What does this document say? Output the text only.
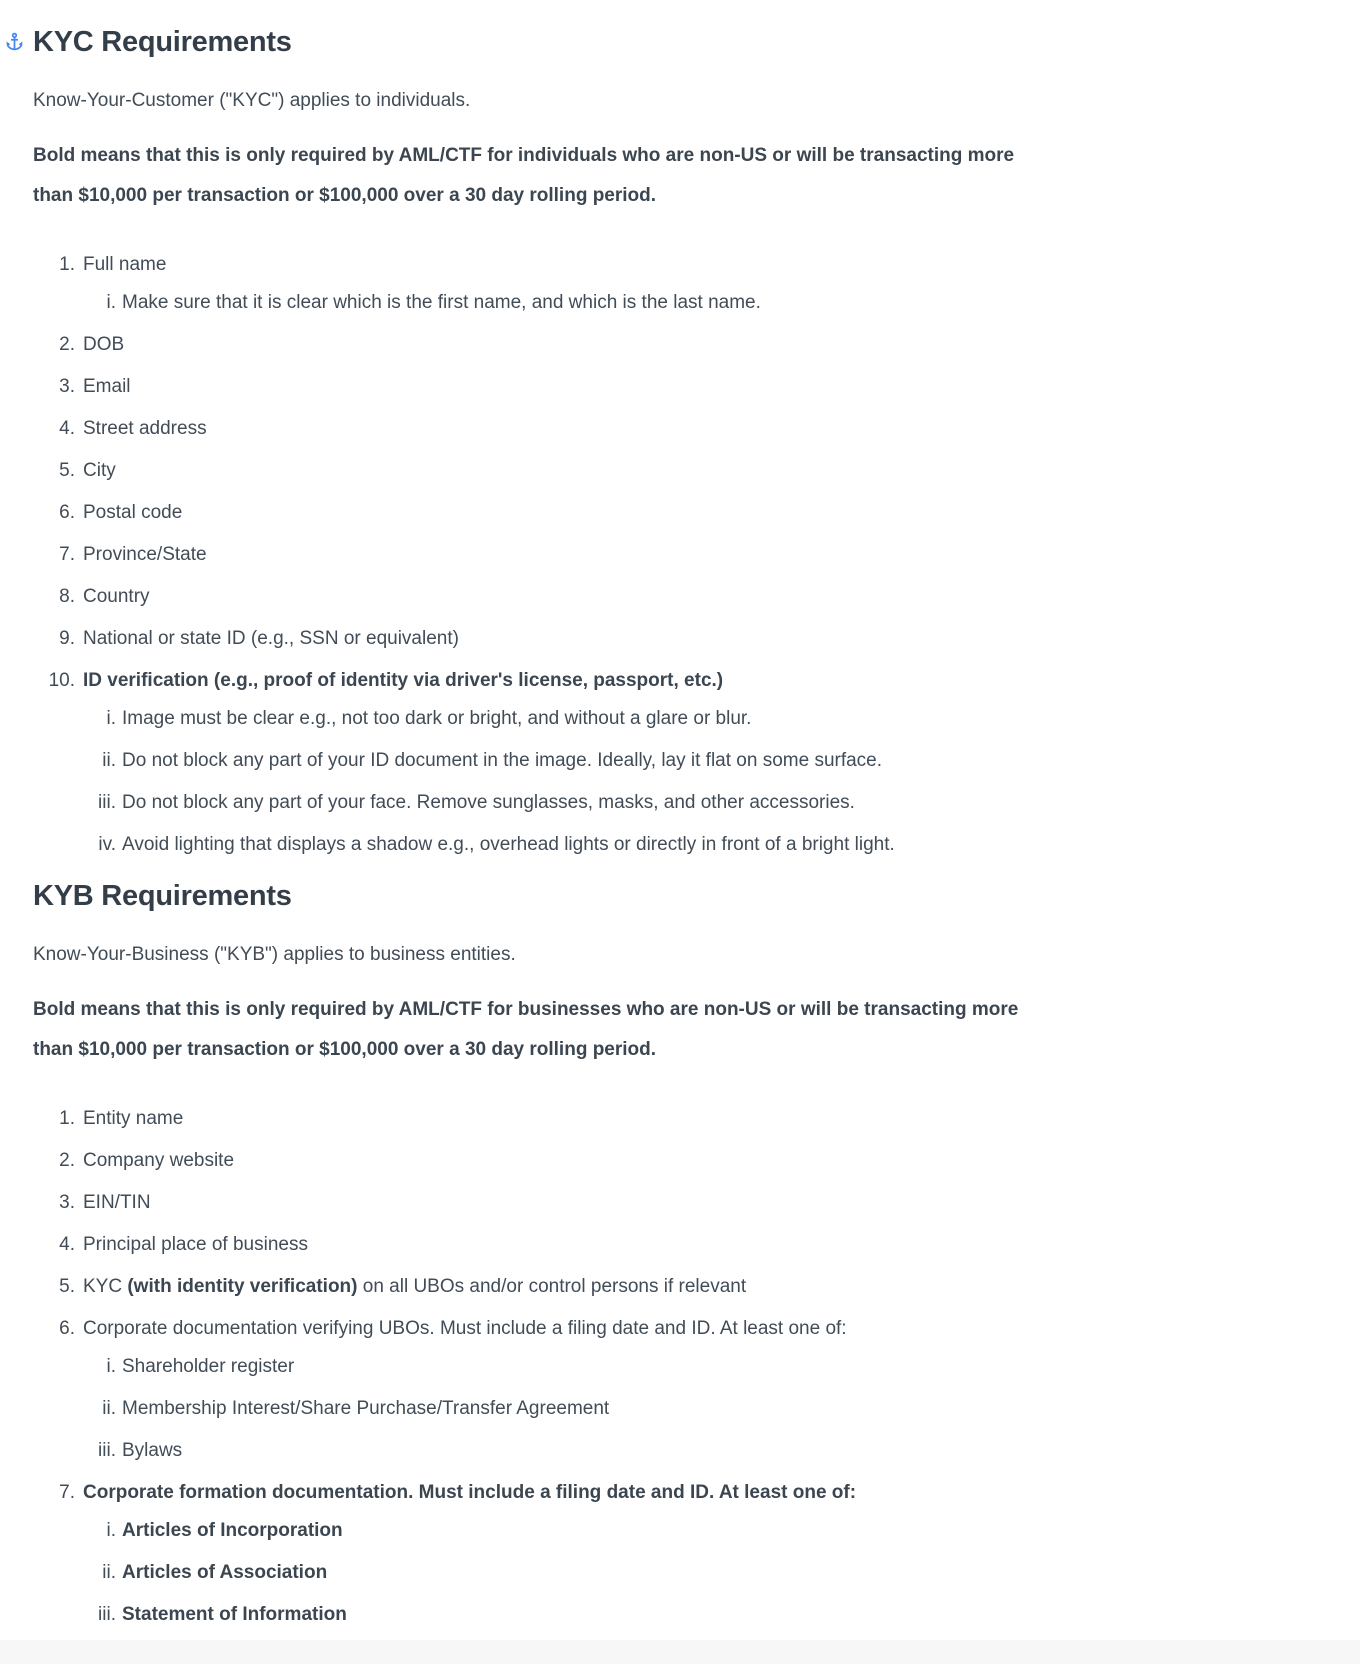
KYC Requirements

Know-Your-Customer ("KYC") applies to individuals.

Bold means that this is only required by AML/CTF for individuals who are non-US or will be transacting more
than $10,000 per transaction or $100,000 over a 30 day rolling period.
1. Full name
i. Make sure that it is clear which is the first name, and which is the last name.
2. DOB
3. Email
4. Street address
5. City
6. Postal code
7. Province/State
8. Country
9. National or state ID (e.g., SSN or equivalent)
10. ID verification (e.g., proof of identity via driver's license, passport, etc.)
i. Image must be clear e.g., not too dark or bright, and without a glare or blur.
ii. Do not block any part of your ID document in the image. Ideally, lay it flat on some surface.
iii. Do not block any part of your face. Remove sunglasses, masks, and other accessories.
iv. Avoid lighting that displays a shadow e.g., overhead lights or directly in front of a bright light.
KYB Requirements

Know-Your-Business ("KYB") applies to business entities.

Bold means that this is only required by AML/CTF for businesses who are non-US or will be transacting more
than $10,000 per transaction or $100,000 over a 30 day rolling period.
1. Entity name
2. Company website
3. EIN/TIN
4. Principal place of business
5. KYC (with identity verification) on all UBOs and/or control persons if relevant
6. Corporate documentation verifying UBOs. Must include a filing date and ID. At least one of:
i. Shareholder register
ii. Membership Interest/Share Purchase/Transfer Agreement
iii. Bylaws
7. Corporate formation documentation. Must include a filing date and ID. At least one of:
i. Articles of Incorporation
ii. Articles of Association
iii. Statement of Information
